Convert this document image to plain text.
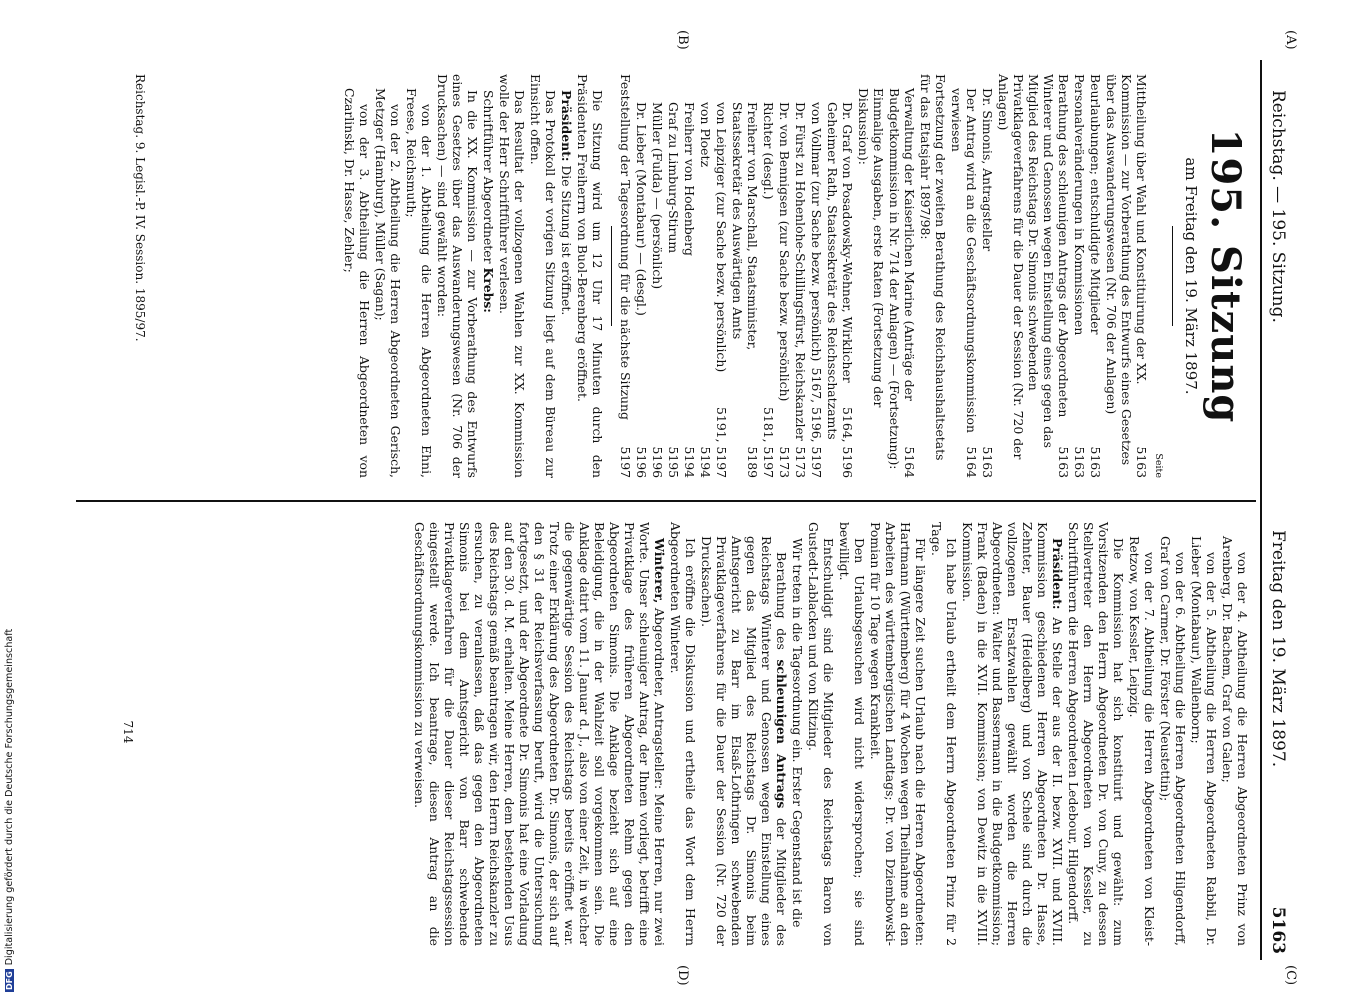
Reichstag. — 195. Sitzung.
5163
Freitag den 19. März 1897.
(A)
(B)
(C)
(D)
195. Sitzung
am Freitag den 19. März 1897.
Seite
5163
Mittheilung über Wahl und Konstituirung der XX. Kommission — zur Vorberathung des Entwurfs eines Gesetzes über das Auswanderungswesen (Nr. 706 der Anlagen)
5163
Beurlaubungen; entschuldigte Mitglieder
5163
Personalveränderungen in Kommissionen
5163
Berathung des schleunigen Antrags der Abgeordneten Winterer und Genossen wegen Einstellung eines gegen das Mitglied des Reichstags Dr. Simonis schwebenden Privatklageverfahrens für die Dauer der Session (Nr. 720 der Anlagen)
5163
Dr. Simonis, Antragsteller
5164
Der Antrag wird an die Geschäftsordnungskommission verwiesen
Fortsetzung der zweiten Berathung des Reichshaushaltsetats für das Etatsjahr 1897/98:
5164
Verwaltung der Kaiserlichen Marine (Anträge der Budgetkommission in Nr. 714 der Anlagen) — (Fortsetzung):
Einmalige Ausgaben, erste Raten (Fortsetzung der Diskussion):
5164, 5196
Dr. Graf von Posadowsky-Wehner, Wirklicher Geheimer Rath, Staatssekretär des Reichsschatzamts
5167, 5196, 5197
von Vollmar (zur Sache bezw. persönlich)
5173
Dr. Fürst zu Hohenlohe-Schillingsfürst, Reichskanzler
5173
Dr. von Bennigsen (zur Sache bezw. persönlich)
5181, 5197
Richter (desgl.)
5189
Freiherr von Marschall, Staatsminister, Staatssekretär des Auswärtigen Amts
5191, 5197
von Leipziger (zur Sache bezw. persönlich)
5194
von Ploetz
5194
Freiherr von Hodenberg
5195
Graf zu Limburg-Stirum
5196
Müller (Fulda) — (persönlich)
5196
Dr. Lieber (Montabaur) — (desgl.)
5197
Feststellung der Tagesordnung für die nächste Sitzung

Die Sitzung wird um 12 Uhr 17 Minuten durch den Präsidenten Freiherrn von Buol-Berenberg eröffnet.

Präsident: Die Sitzung ist eröffnet.

Das Protokoll der vorigen Sitzung liegt auf dem Büreau zur Einsicht offen.

Das Resultat der vollzogenen Wahlen zur XX. Kommission wolle der Herr Schriftführer verlesen.

Schriftführer Abgeordneter Krebs:

In die XX. Kommission — zur Vorberathung des Entwurfs eines Gesetzes über das Auswanderungswesen (Nr. 706 der Drucksachen) — sind gewählt worden:

von der 1. Abtheilung die Herren Abgeordneten Ehni, Freese, Reichsmuth;

von der 2. Abtheilung die Herren Abgeordneten Gerisch, Metzger (Hamburg), Müller (Sagan);

von der 3. Abtheilung die Herren Abgeordneten von Czarlinski, Dr. Hasse, Zehler;

Reichstag. 9. Legisl.-P. IV. Session. 1895/97.

von der 4. Abtheilung die Herren Abgeordneten Prinz von Arenberg, Dr. Bachem, Graf von Galen;

von der 5. Abtheilung die Herren Abgeordneten Rabbil, Dr. Lieber (Montabaur), Wallenborn;

von der 6. Abtheilung die Herren Abgeordneten Hilgendorff, Graf von Carmer, Dr. Förster (Neustettin);

von der 7. Abtheilung die Herren Abgeordneten von Kleist-Retzow, von Kessler, Leipzig.

Die Kommission hat sich konstituirt und gewählt: zum Vorsitzenden den Herrn Abgeordneten Dr. von Cuny, zu dessen Stellvertreter den Herrn Abgeordneten von Kessler, zu Schriftführern die Herren Abgeordneten Ledebour, Hilgendorff.

Präsident: An Stelle der aus der II. bezw. XVII. und XVIII. Kommission geschiedenen Herren Abgeordneten Dr. Hasse, Zehnter, Bauer (Heidelberg) und von Schele sind durch die vollzogenen Ersatzwahlen gewählt worden die Herren Abgeordneten: Walter und Bassermann in die Budgetkommission; Frank (Baden) in die XVII. Kommission; von Dewitz in die XVIII. Kommission.

Ich habe Urlaub ertheilt dem Herrn Abgeordneten Prinz für 2 Tage.

Für längere Zeit suchen Urlaub nach die Herren Abgeordneten: Hartmann (Württemberg) für 4 Wochen wegen Theilnahme an den Arbeiten des württembergischen Landtags; Dr. von Dziembowski-Pomian für 10 Tage wegen Krankheit.

Den Urlaubsgesuchen wird nicht widersprochen; sie sind bewilligt.

Entschuldigt sind die Mitglieder des Reichstags Baron von Gustedt-Lablacken und von Klitzing.

Wir treten in die Tagesordnung ein. Erster Gegenstand ist die

Berathung des schleunigen Antrags der Mitglieder des Reichstags Winterer und Genossen wegen Einstellung eines gegen das Mitglied des Reichstags Dr. Simonis beim Amtsgericht zu Barr im Elsaß-Lothringen schwebenden Privatklageverfahrens für die Dauer der Session (Nr. 720 der Drucksachen).

Ich eröffne die Diskussion und ertheile das Wort dem Herrn Abgeordneten Winterer.

Winterer, Abgeordneter, Antragsteller: Meine Herren, nur zwei Worte. Unser schleuniger Antrag, der Ihnen vorliegt, betrifft eine Privatklage des früheren Abgeordneten Rehm gegen den Abgeordneten Simonis. Die Anklage bezieht sich auf eine Beleidigung, die in der Wahlzeit soll vorgekommen sein. Die Anklage datirt vom 11. Januar d. J., also von einer Zeit, in welcher die gegenwärtige Session des Reichstags bereits eröffnet war. Trotz einer Erklärung des Abgeordneten Dr. Simonis, der sich auf den § 31 der Reichsverfassung beruft, wird die Untersuchung fortgesetzt, und der Abgeordnete Dr. Simonis hat eine Vorladung auf den 30. d. M. erhalten. Meine Herren, dem bestehenden Usus des Reichstags gemäß beantragen wir, den Herrn Reichskanzler zu ersuchen, zu veranlassen, daß das gegen den Abgeordneten Simonis bei dem Amtsgericht von Barr schwebende Privatklageverfahren für die Dauer dieser Reichstagssession eingestellt werde. Ich beantrage, diesen Antrag an die Geschäftsordnungskommission zu verweisen.

714
DFGDigitalisierung gefördert durch die Deutsche Forschungsgemeinschaft
